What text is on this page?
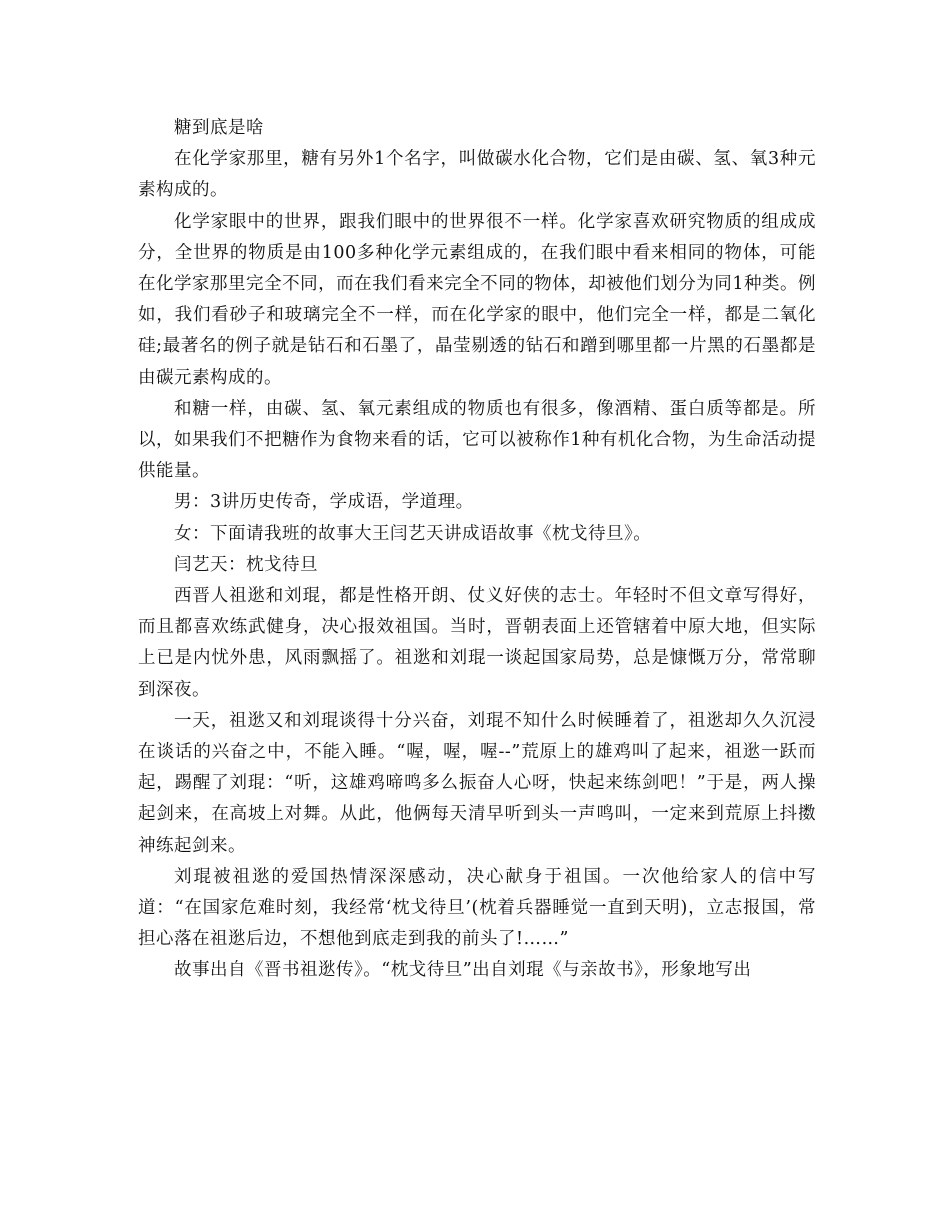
糖到底是啥

在化学家那里，糖有另外1个名字，叫做碳水化合物，它们是由碳、氢、氧3种元素构成的。

化学家眼中的世界，跟我们眼中的世界很不一样。化学家喜欢研究物质的组成成分，全世界的物质是由100多种化学元素组成的，在我们眼中看来相同的物体，可能在化学家那里完全不同，而在我们看来完全不同的物体，却被他们划分为同1种类。例如，我们看砂子和玻璃完全不一样，而在化学家的眼中，他们完全一样，都是二氧化硅;最著名的例子就是钻石和石墨了，晶莹剔透的钻石和蹭到哪里都一片黑的石墨都是由碳元素构成的。

和糖一样，由碳、氢、氧元素组成的物质也有很多，像酒精、蛋白质等都是。所以，如果我们不把糖作为食物来看的话，它可以被称作1种有机化合物，为生命活动提供能量。

男：3讲历史传奇，学成语，学道理。

女：下面请我班的故事大王闫艺天讲成语故事《枕戈待旦》。

闫艺天：枕戈待旦

西晋人祖逖和刘琨，都是性格开朗、仗义好侠的志士。年轻时不但文章写得好，而且都喜欢练武健身，决心报效祖国。当时，晋朝表面上还管辖着中原大地，但实际上已是内忧外患，风雨飘摇了。祖逖和刘琨一谈起国家局势，总是慷慨万分，常常聊到深夜。

一天，祖逖又和刘琨谈得十分兴奋，刘琨不知什么时候睡着了，祖逖却久久沉浸在谈话的兴奋之中，不能入睡。“喔，喔，喔--”荒原上的雄鸡叫了起来，祖逖一跃而起，踢醒了刘琨：“听，这雄鸡啼鸣多么振奋人心呀，快起来练剑吧！”于是，两人操起剑来，在高坡上对舞。从此，他俩每天清早听到头一声鸣叫，一定来到荒原上抖擞神练起剑来。

刘琨被祖逖的爱国热情深深感动，决心献身于祖国。一次他给家人的信中写道：“在国家危难时刻，我经常‘枕戈待旦’(枕着兵器睡觉一直到天明)，立志报国，常担心落在祖逖后边，不想他到底走到我的前头了!……”

故事出自《晋书祖逖传》。“枕戈待旦”出自刘琨《与亲故书》，形象地写出
